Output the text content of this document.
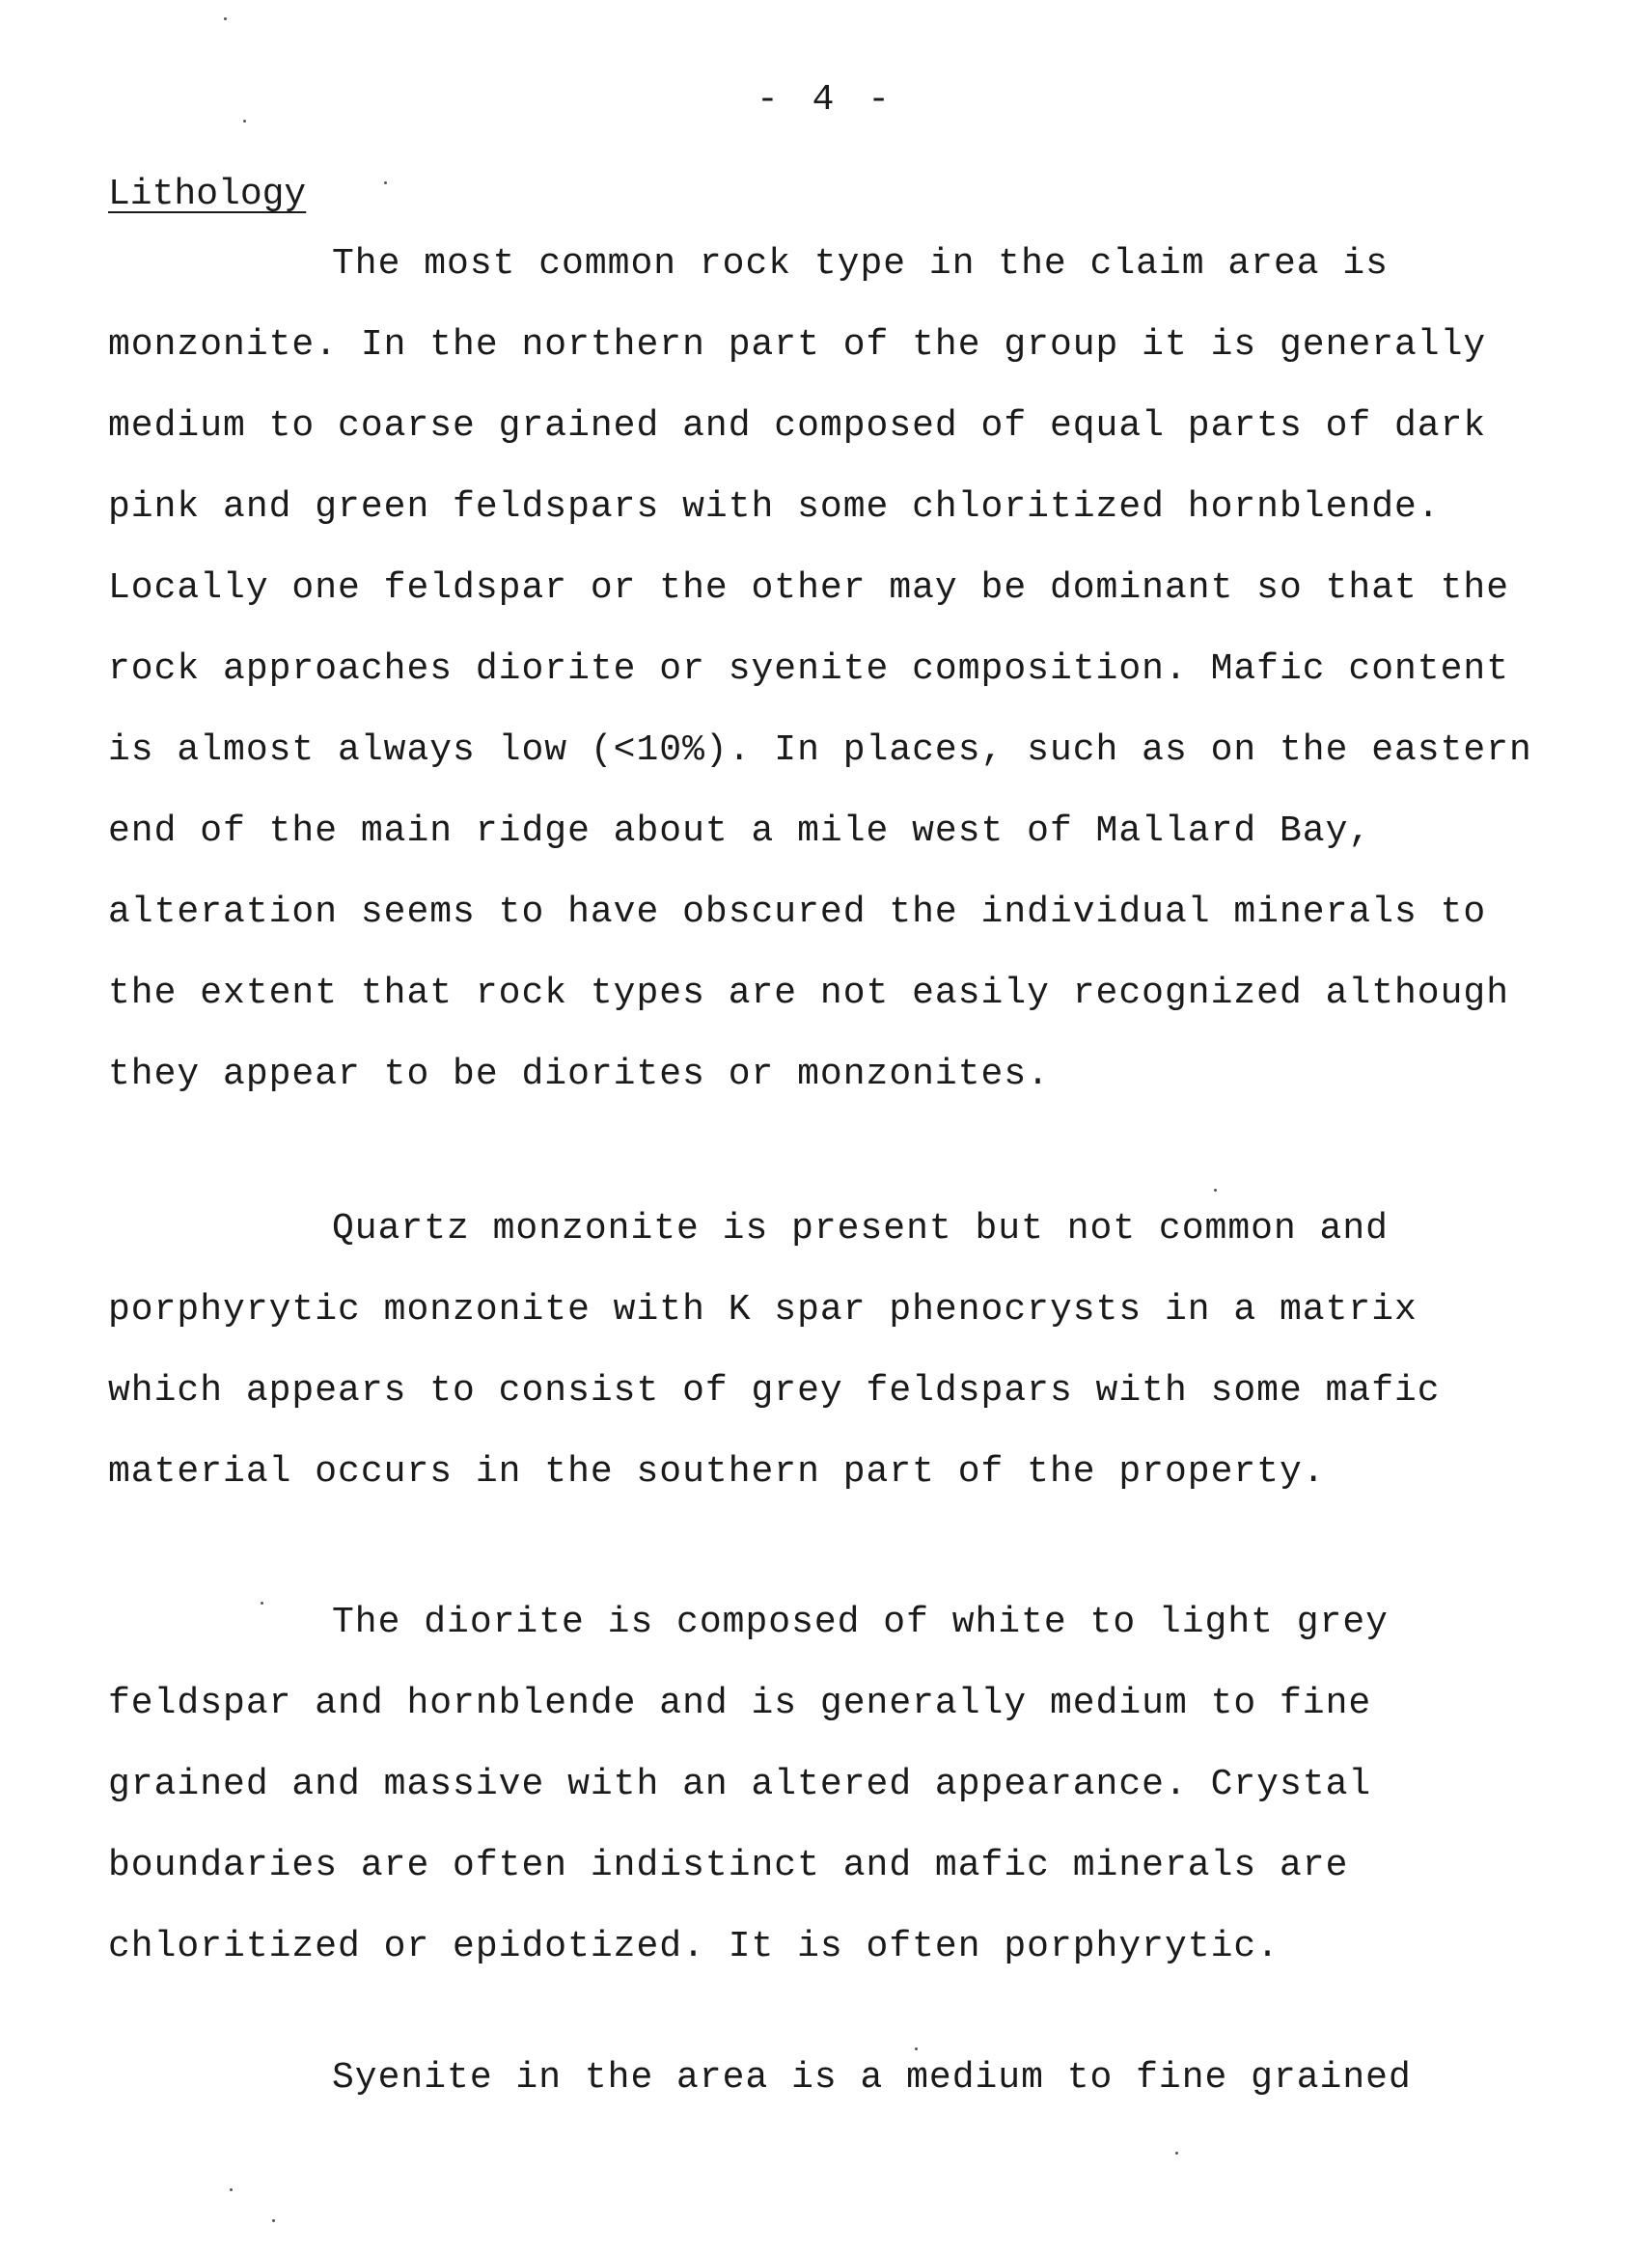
- 4 -
Lithology

The most common rock type in the claim area is monzonite. In the northern part of the group it is generally medium to coarse grained and composed of equal parts of dark pink and green feldspars with some chloritized hornblende. Locally one feldspar or the other may be dominant so that the rock approaches diorite or syenite composition. Mafic content is almost always low (<10%). In places, such as on the eastern end of the main ridge about a mile west of Mallard Bay, alteration seems to have obscured the individual minerals to the extent that rock types are not easily recognized although they appear to be diorites or monzonites.

Quartz monzonite is present but not common and porphyrytic monzonite with K spar phenocrysts in a matrix which appears to consist of grey feldspars with some mafic material occurs in the southern part of the property.

The diorite is composed of white to light grey feldspar and hornblende and is generally medium to fine grained and massive with an altered appearance. Crystal boundaries are often indistinct and mafic minerals are chloritized or epidotized. It is often porphyrytic.

Syenite in the area is a medium to fine grained
